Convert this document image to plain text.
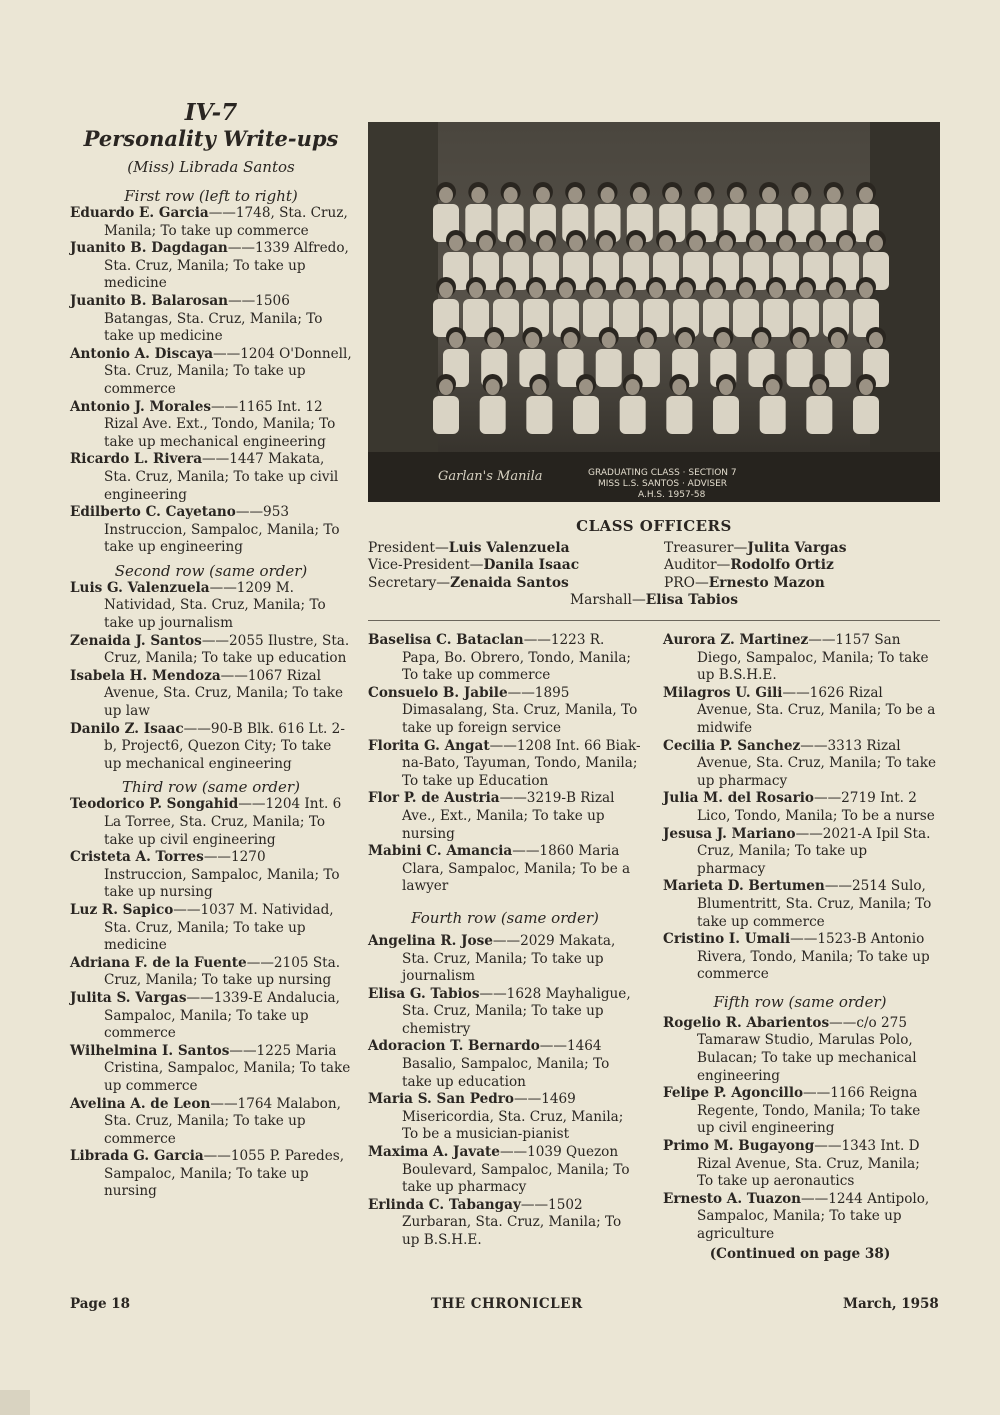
IV-7
Personality Write-ups
(Miss) Librada Santos
First row (left to right)

Eduardo E. Garcia——1748, Sta. Cruz, Manila; To take up commerce

Juanito B. Dagdagan——1339 Alfredo, Sta. Cruz, Manila; To take up medicine

Juanito B. Balarosan——1506 Batangas, Sta. Cruz, Manila; To take up medicine

Antonio A. Discaya——1204 O'Donnell, Sta. Cruz, Manila; To take up commerce

Antonio J. Morales——1165 Int. 12 Rizal Ave. Ext., Tondo, Manila; To take up mechanical engineering

Ricardo L. Rivera——1447 Makata, Sta. Cruz, Manila; To take up civil engineering

Edilberto C. Cayetano——953 Instruccion, Sampaloc, Manila; To take up engineering

Second row (same order)

Luis G. Valenzuela——1209 M. Natividad, Sta. Cruz, Manila; To take up journalism

Zenaida J. Santos——2055 Ilustre, Sta. Cruz, Manila; To take up education

Isabela H. Mendoza——1067 Rizal Avenue, Sta. Cruz, Manila; To take up law

Danilo Z. Isaac——90-B Blk. 616 Lt. 2-b, Project6, Quezon City; To take up mechanical engineering

Third row (same order)

Teodorico P. Songahid——1204 Int. 6 La Torree, Sta. Cruz, Manila; To take up civil engineering

Cristeta A. Torres——1270 Instruccion, Sampaloc, Manila; To take up nursing

Luz R. Sapico——1037 M. Natividad, Sta. Cruz, Manila; To take up medicine

Adriana F. de la Fuente——2105 Sta. Cruz, Manila; To take up nursing

Julita S. Vargas——1339-E Andalucia, Sampaloc, Manila; To take up commerce

Wilhelmina I. Santos——1225 Maria Cristina, Sampaloc, Manila; To take up commerce

Avelina A. de Leon——1764 Malabon, Sta. Cruz, Manila; To take up commerce

Librada G. Garcia——1055 P. Paredes, Sampaloc, Manila; To take up nursing

Garlan's Manila	GRADUATING CLASS · SECTION 7
MISS L.S. SANTOS · ADVISER
A.H.S. 1957-58
CLASS OFFICERS
President—Luis Valenzuela	Treasurer—Julita Vargas
Vice-President—Danila Isaac	Auditor—Rodolfo Ortiz
Secretary—Zenaida Santos	PRO—Ernesto Mazon
Marshall—Elisa Tabios

Baselisa C. Bataclan——1223 R. Papa, Bo. Obrero, Tondo, Manila; To take up commerce

Consuelo B. Jabile——1895 Dimasalang, Sta. Cruz, Manila, To take up foreign service

Florita G. Angat——1208 Int. 66 Biak-na-Bato, Tayuman, Tondo, Manila; To take up Education

Flor P. de Austria——3219-B Rizal Ave., Ext., Manila; To take up nursing

Mabini C. Amancia——1860 Maria Clara, Sampaloc, Manila; To be a lawyer

Fourth row (same order)

Angelina R. Jose——2029 Makata, Sta. Cruz, Manila; To take up journalism

Elisa G. Tabios——1628 Mayhaligue, Sta. Cruz, Manila; To take up chemistry

Adoracion T. Bernardo——1464 Basalio, Sampaloc, Manila; To take up education

Maria S. San Pedro——1469 Misericordia, Sta. Cruz, Manila; To be a musician-pianist

Maxima A. Javate——1039 Quezon Boulevard, Sampaloc, Manila; To take up pharmacy

Erlinda C. Tabangay——1502 Zurbaran, Sta. Cruz, Manila; To up B.S.H.E.

Aurora Z. Martinez——1157 San Diego, Sampaloc, Manila; To take up B.S.H.E.

Milagros U. Gili——1626 Rizal Avenue, Sta. Cruz, Manila; To be a midwife

Cecilia P. Sanchez——3313 Rizal Avenue, Sta. Cruz, Manila; To take up pharmacy

Julia M. del Rosario——2719 Int. 2 Lico, Tondo, Manila; To be a nurse

Jesusa J. Mariano——2021-A Ipil Sta. Cruz, Manila; To take up pharmacy

Marieta D. Bertumen——2514 Sulo, Blumentritt, Sta. Cruz, Manila; To take up commerce

Cristino I. Umali——1523-B Antonio Rivera, Tondo, Manila; To take up commerce

Fifth row (same order)

Rogelio R. Abarientos——c/o 275 Tamaraw Studio, Marulas Polo, Bulacan; To take up mechanical engineering

Felipe P. Agoncillo——1166 Reigna Regente, Tondo, Manila; To take up civil engineering

Primo M. Bugayong——1343 Int. D Rizal Avenue, Sta. Cruz, Manila; To take up aeronautics

Ernesto A. Tuazon——1244 Antipolo, Sampaloc, Manila; To take up agriculture

(Continued on page 38)
Page 18	THE CHRONICLER	March, 1958
